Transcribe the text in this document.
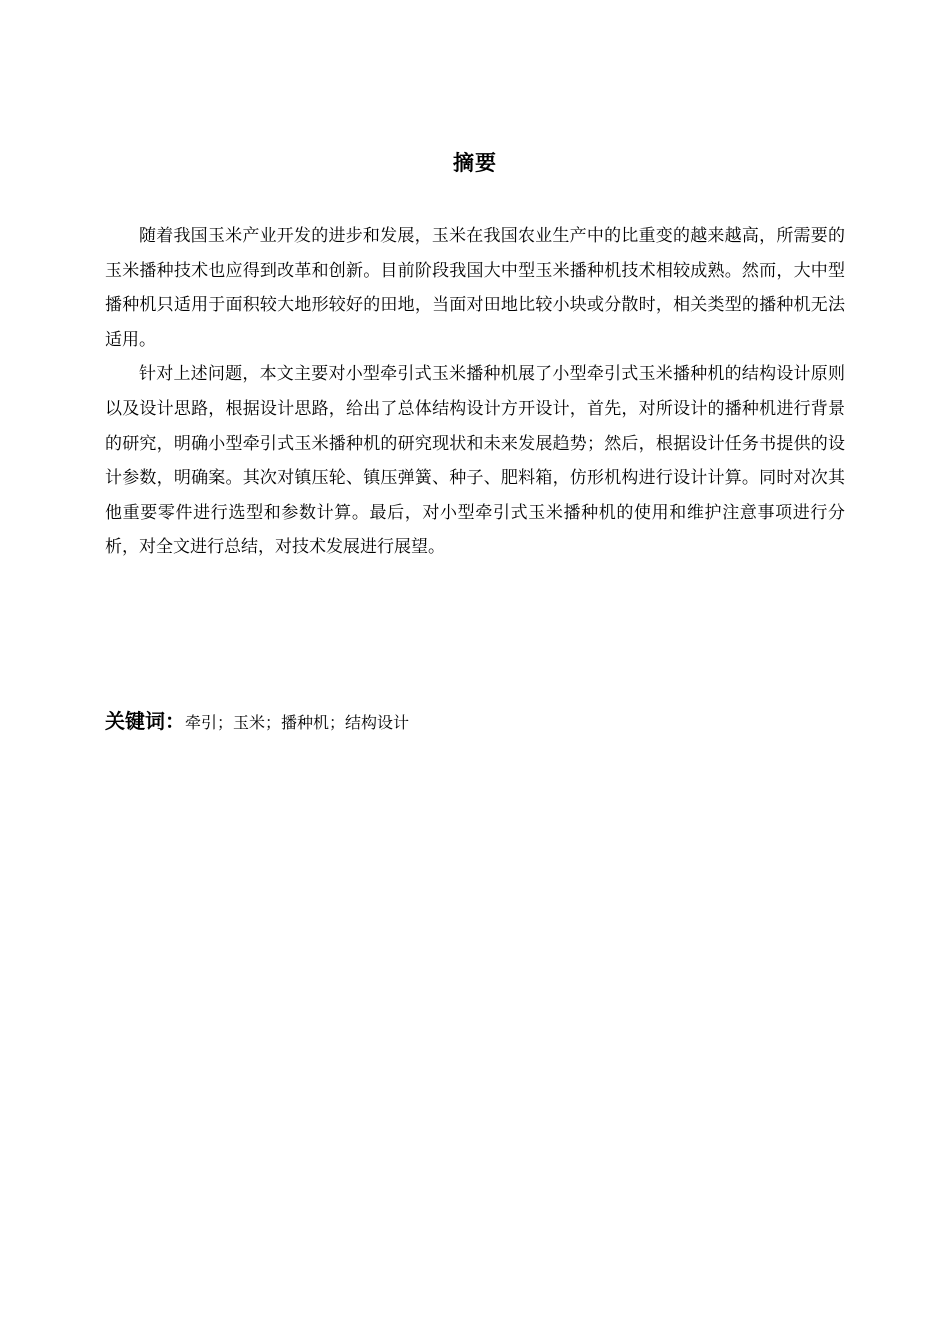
摘要

随着我国玉米产业开发的进步和发展，玉米在我国农业生产中的比重变的越来越高，所需要的玉米播种技术也应得到改革和创新。目前阶段我国大中型玉米播种机技术相较成熟。然而，大中型播种机只适用于面积较大地形较好的田地，当面对田地比较小块或分散时，相关类型的播种机无法适用。

针对上述问题，本文主要对小型牵引式玉米播种机展了小型牵引式玉米播种机的结构设计原则以及设计思路，根据设计思路，给出了总体结构设计方开设计，首先，对所设计的播种机进行背景的研究，明确小型牵引式玉米播种机的研究现状和未来发展趋势；然后，根据设计任务书提供的设计参数，明确案。其次对镇压轮、镇压弹簧、种子、肥料箱，仿形机构进行设计计算。同时对次其他重要零件进行选型和参数计算。最后，对小型牵引式玉米播种机的使用和维护注意事项进行分析，对全文进行总结，对技术发展进行展望。

关键词：牵引；玉米；播种机；结构设计
